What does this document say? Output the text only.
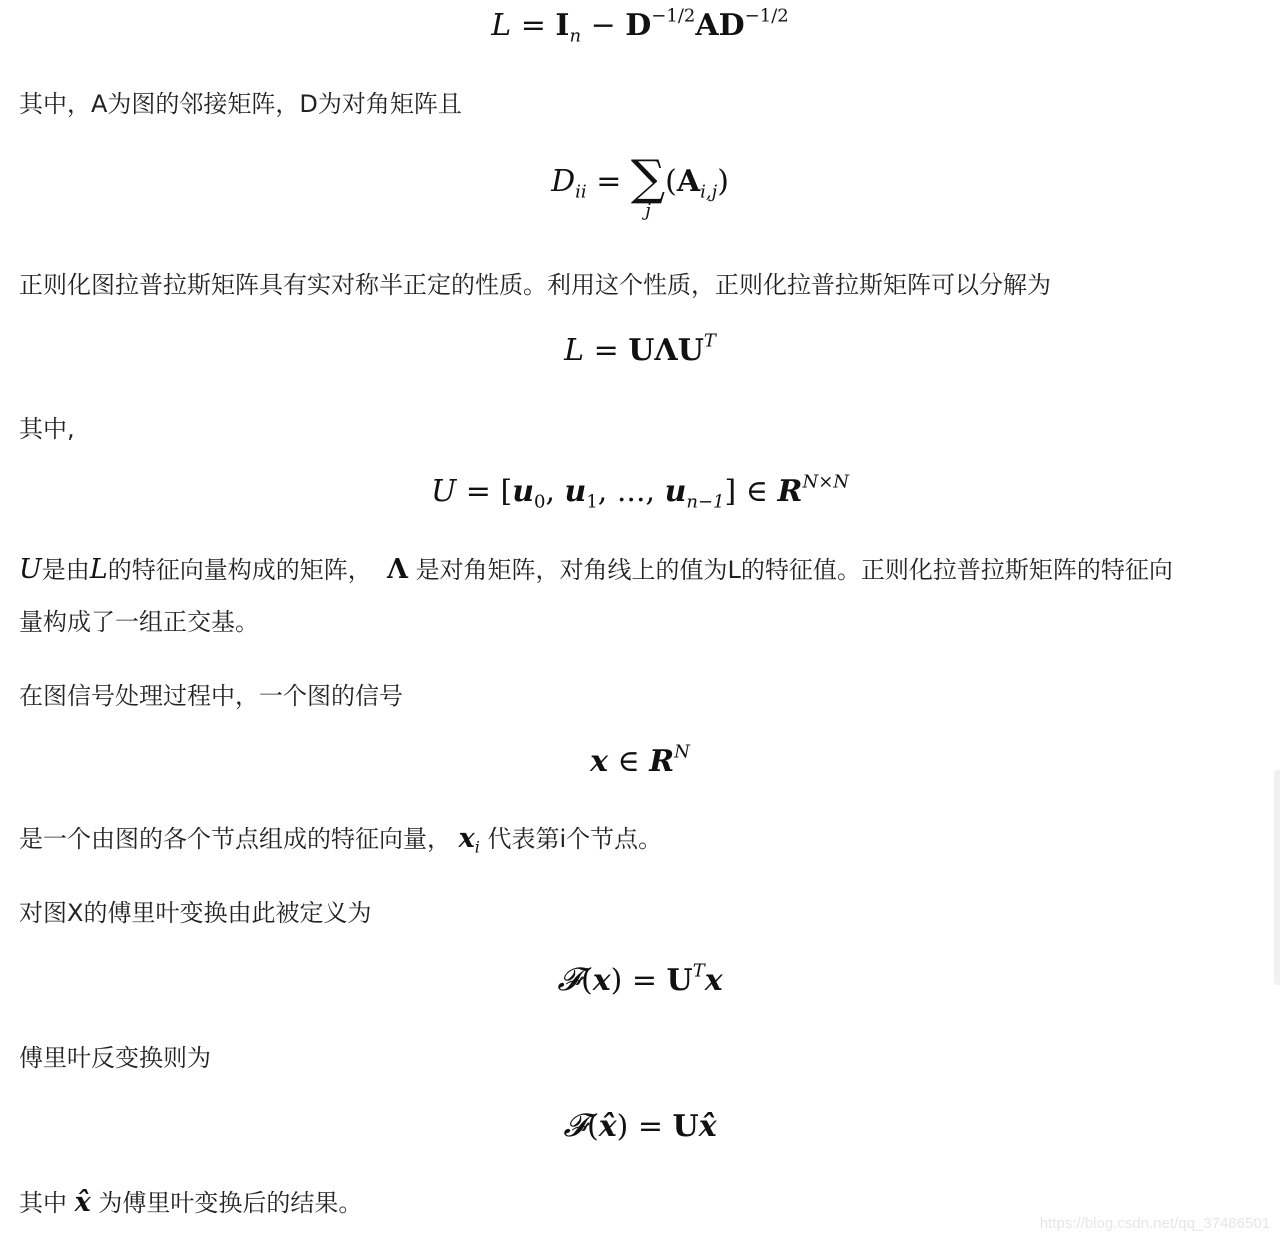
$L = I_n - D^{-1/2}AD^{-1/2}$

其中，A为图的邻接矩阵，D为对角矩阵且

$D_{ii}$ = ∑
j
$(A_{i,j})$

正则化图拉普拉斯矩阵具有实对称半正定的性质。利用这个性质，正则化拉普拉斯矩阵可以分解为

$L = U\Lambda U^T$

其中,

$U = [u_0$, $u_1$, ..., $u_{n-1}$] ∈ $R^{N\times N}$

U是由L的特征向量构成的矩阵， Λ 是对角矩阵，对角线上的值为L的特征值。正则化拉普拉斯矩阵的特征向

量构成了一组正交基。

在图信号处理过程中，一个图的信号

x ∈ $R^N$

是一个由图的各个节点组成的特征向量， $x_i$ 代表第i个节点。

对图X的傅里叶变换由此被定义为

𝓕(x) = $U^Tx$

傅里叶反变换则为

𝓕(x̂) = Ux̂

其中 x̂ 为傅里叶变换后的结果。

https://blog.csdn.net/qq_37486501
